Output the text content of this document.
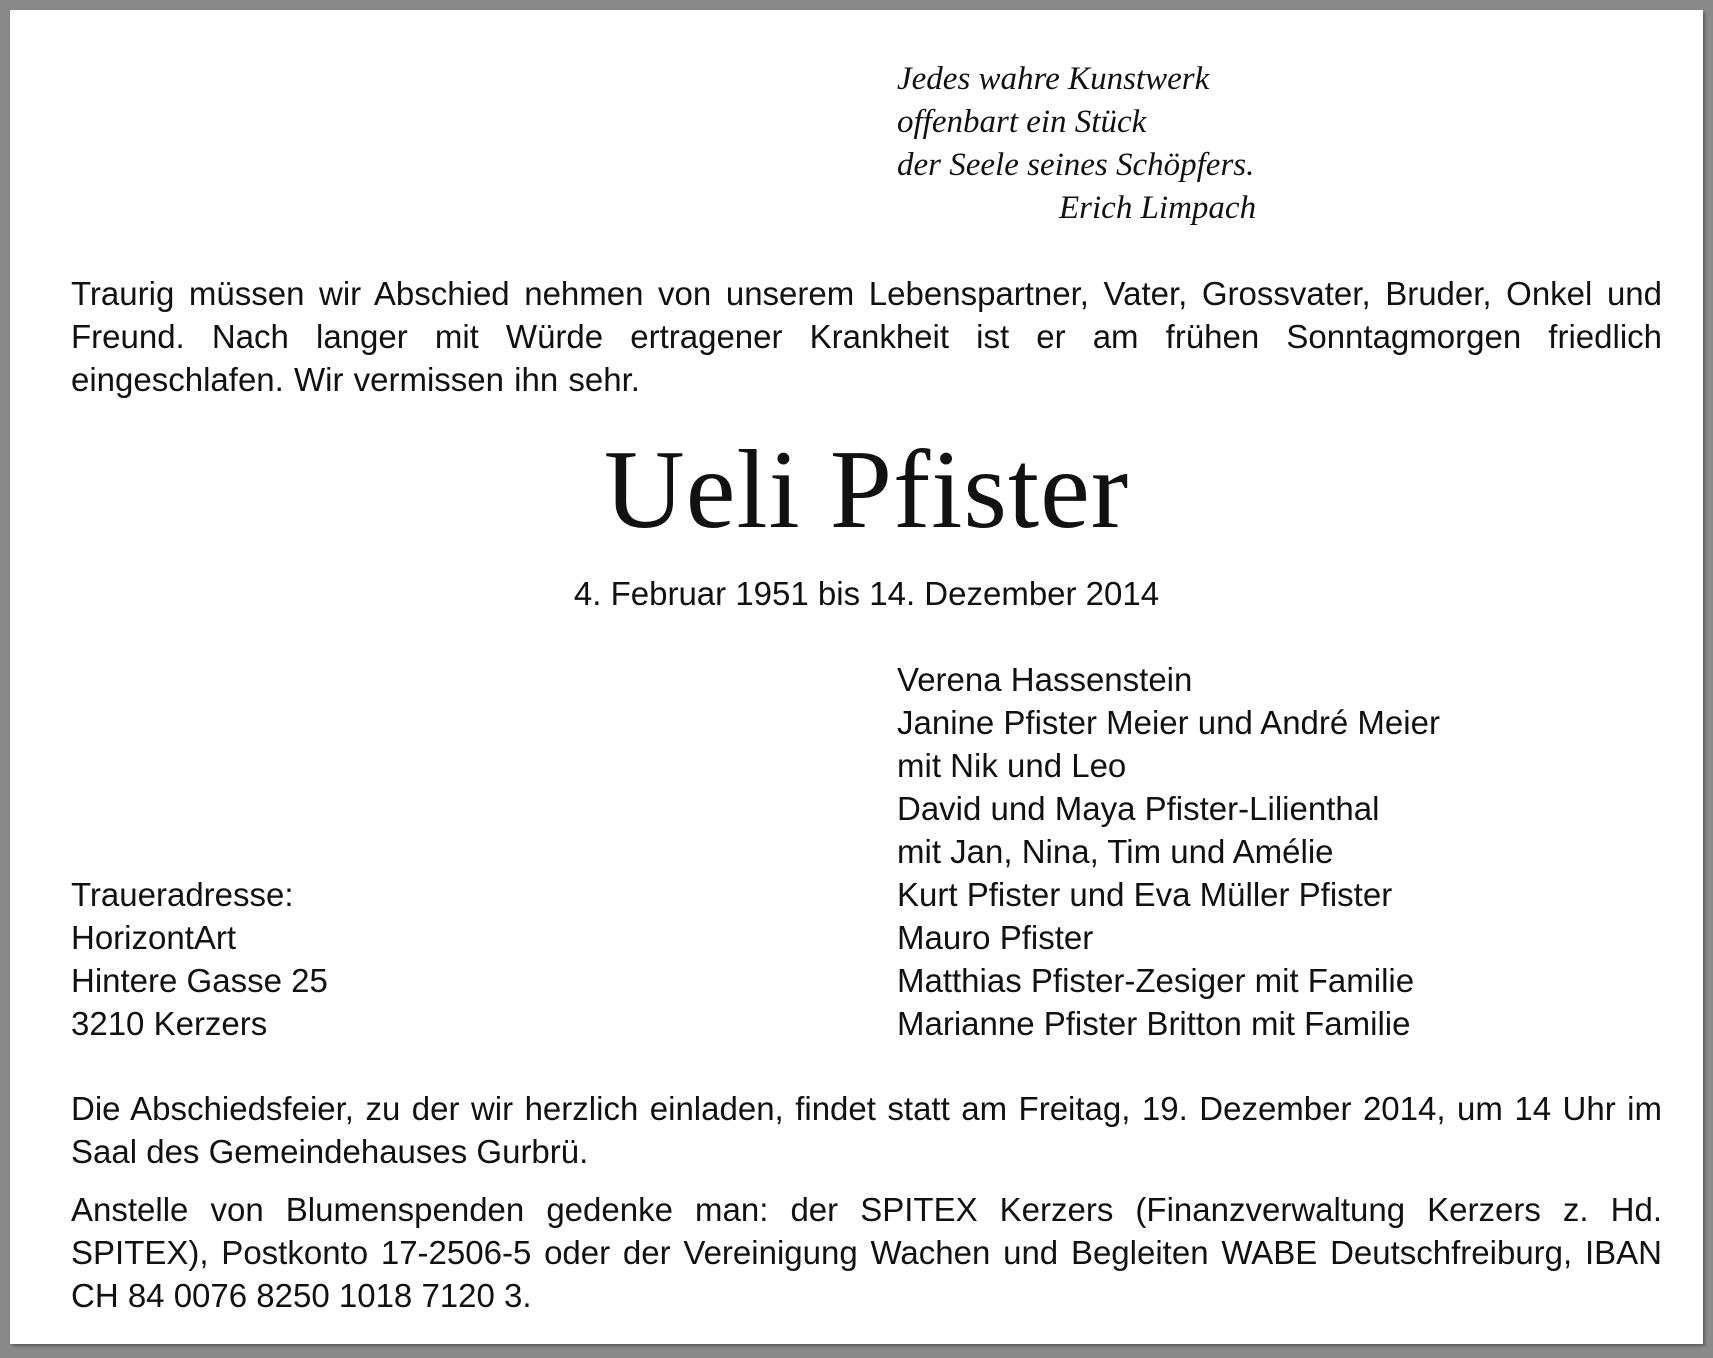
Jedes wahre Kunstwerk
offenbart ein Stück
der Seele seines Schöpfers.
Erich Limpach
Traurig müssen wir Abschied nehmen von unserem Lebenspartner, Vater, Grossvater, Bruder, Onkel und Freund. Nach langer mit Würde ertragener Krankheit ist er am frühen Sonntagmorgen friedlich eingeschlafen. Wir vermissen ihn sehr.
Ueli Pfister
4. Februar 1951 bis 14. Dezember 2014
Verena Hassenstein
Janine Pfister Meier und André Meier
mit Nik und Leo
David und Maya Pfister-Lilienthal
mit Jan, Nina, Tim und Amélie
Kurt Pfister und Eva Müller Pfister
Mauro Pfister
Matthias Pfister-Zesiger mit Familie
Marianne Pfister Britton mit Familie
Traueradresse:
HorizontArt
Hintere Gasse 25
3210 Kerzers
Die Abschiedsfeier, zu der wir herzlich einladen, findet statt am Freitag, 19. Dezember 2014, um 14 Uhr im Saal des Gemeindehauses Gurbrü.
Anstelle von Blumenspenden gedenke man: der SPITEX Kerzers (Finanzverwaltung Kerzers z. Hd. SPITEX), Postkonto 17-2506-5 oder der Vereinigung Wachen und Begleiten WABE Deutschfreiburg, IBAN CH 84 0076 8250 1018 7120 3.
